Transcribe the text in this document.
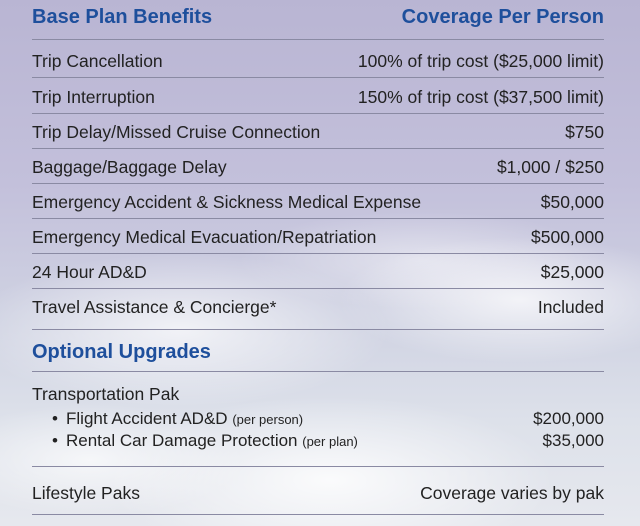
Base Plan Benefits	Coverage Per Person
Trip Cancellation	100% of trip cost ($25,000 limit)
Trip Interruption	150% of trip cost ($37,500 limit)
Trip Delay/Missed Cruise Connection	$750
Baggage/Baggage Delay	$1,000 / $250
Emergency Accident & Sickness Medical Expense	$50,000
Emergency Medical Evacuation/Repatriation	$500,000
24 Hour AD&D	$25,000
Travel Assistance & Concierge*	Included
Optional Upgrades
Transportation Pak
• Flight Accident AD&D (per person)	$200,000
• Rental Car Damage Protection (per plan)	$35,000
Lifestyle Paks	Coverage varies by pak
